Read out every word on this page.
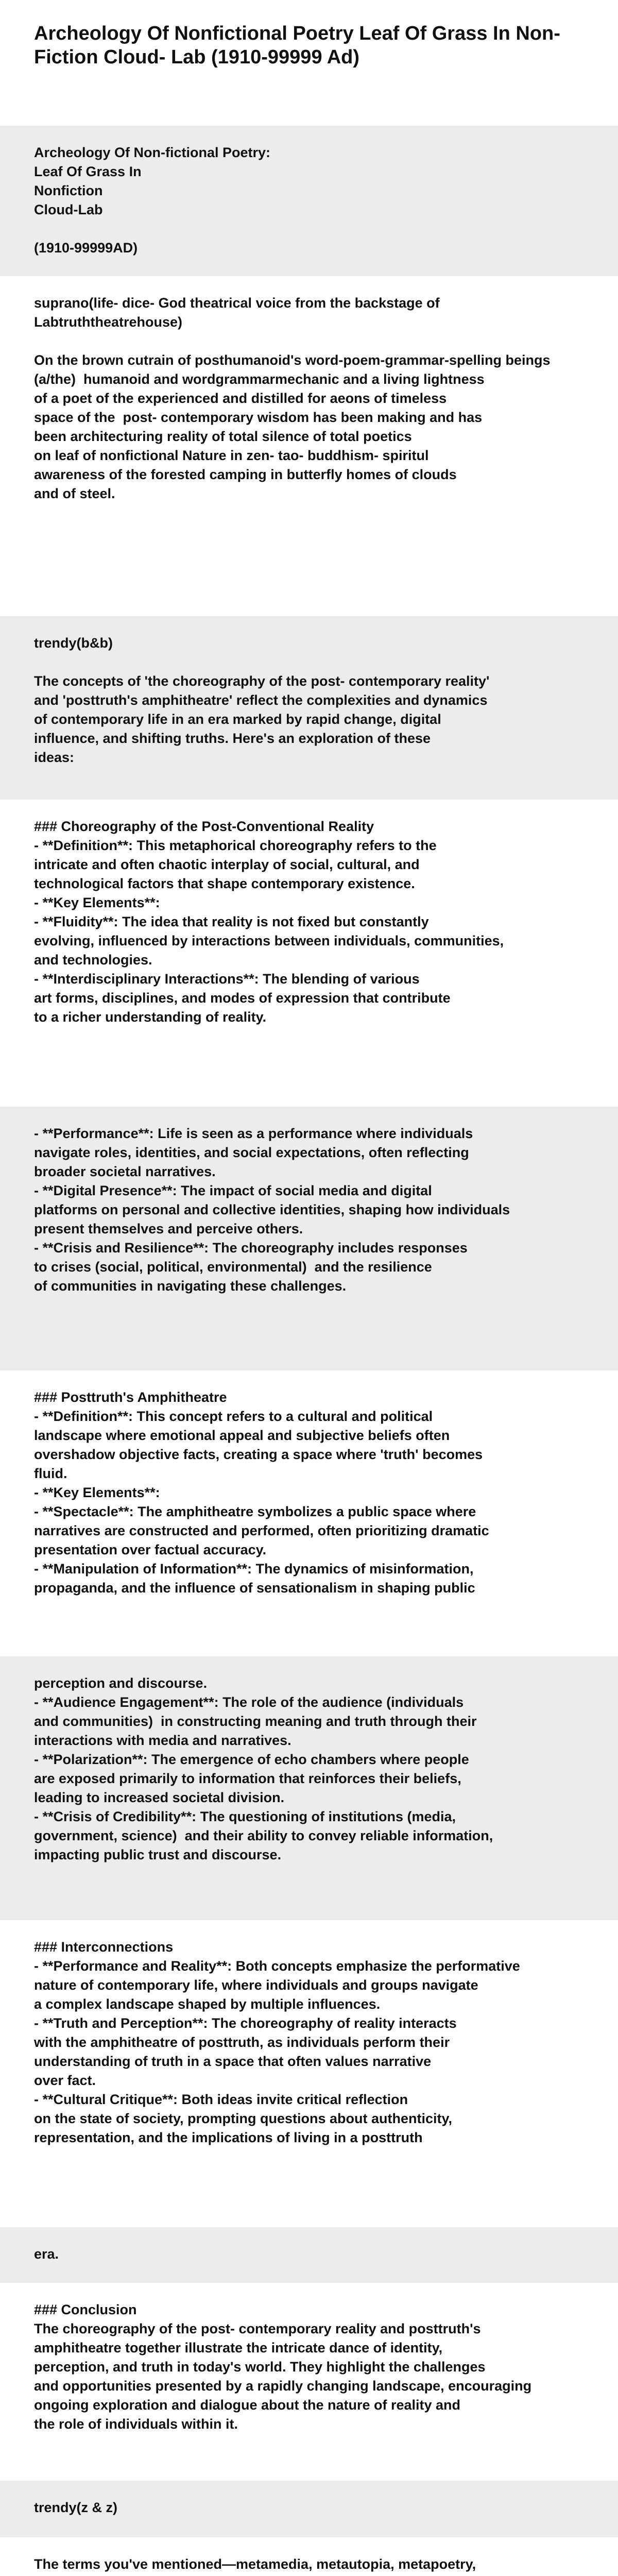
Archeology Of Nonfictional Poetry Leaf Of Grass In Non- Fiction Cloud- Lab (1910-99999 Ad)

Archeology Of Non-fictional Poetry:

Leaf Of Grass In

Nonfiction

Cloud-Lab

(1910-99999AD)

suprano(life- dice- God theatrical voice from the backstage of

Labtruththeatrehouse)

On the brown cutrain of posthumanoid's word-poem-grammar-spelling beings

(a/the)  humanoid and wordgrammarmechanic and a living lightness

of a poet of the experienced and distilled for aeons of timeless

space of the  post- contemporary wisdom has been making and has

been architecturing reality of total silence of total poetics

on leaf of nonfictional Nature in zen- tao- buddhism- spiritul

awareness of the forested camping in butterfly homes of clouds

and of steel.

trendy(b&b)

The concepts of 'the choreography of the post- contemporary reality'

and 'posttruth's amphitheatre' reflect the complexities and dynamics

of contemporary life in an era marked by rapid change, digital

influence, and shifting truths. Here's an exploration of these

ideas:

### Choreography of the Post-Conventional Reality

- **Definition**: This metaphorical choreography refers to the

intricate and often chaotic interplay of social, cultural, and

technological factors that shape contemporary existence.

- **Key Elements**:

- **Fluidity**: The idea that reality is not fixed but constantly

evolving, influenced by interactions between individuals, communities,

and technologies.

- **Interdisciplinary Interactions**: The blending of various

art forms, disciplines, and modes of expression that contribute

to a richer understanding of reality.

- **Performance**: Life is seen as a performance where individuals

navigate roles, identities, and social expectations, often reflecting

broader societal narratives.

- **Digital Presence**: The impact of social media and digital

platforms on personal and collective identities, shaping how individuals

present themselves and perceive others.

- **Crisis and Resilience**: The choreography includes responses

to crises (social, political, environmental)  and the resilience

of communities in navigating these challenges.

### Posttruth's Amphitheatre

- **Definition**: This concept refers to a cultural and political

landscape where emotional appeal and subjective beliefs often

overshadow objective facts, creating a space where 'truth' becomes

fluid.

- **Key Elements**:

- **Spectacle**: The amphitheatre symbolizes a public space where

narratives are constructed and performed, often prioritizing dramatic

presentation over factual accuracy.

- **Manipulation of Information**: The dynamics of misinformation,

propaganda, and the influence of sensationalism in shaping public

perception and discourse.

- **Audience Engagement**: The role of the audience (individuals

and communities)  in constructing meaning and truth through their

interactions with media and narratives.

- **Polarization**: The emergence of echo chambers where people

are exposed primarily to information that reinforces their beliefs,

leading to increased societal division.

- **Crisis of Credibility**: The questioning of institutions (media,

government, science)  and their ability to convey reliable information,

impacting public trust and discourse.

### Interconnections

- **Performance and Reality**: Both concepts emphasize the performative

nature of contemporary life, where individuals and groups navigate

a complex landscape shaped by multiple influences.

- **Truth and Perception**: The choreography of reality interacts

with the amphitheatre of posttruth, as individuals perform their

understanding of truth in a space that often values narrative

over fact.

- **Cultural Critique**: Both ideas invite critical reflection

on the state of society, prompting questions about authenticity,

representation, and the implications of living in a posttruth

era.

### Conclusion

The choreography of the post- contemporary reality and posttruth's

amphitheatre together illustrate the intricate dance of identity,

perception, and truth in today's world. They highlight the challenges

and opportunities presented by a rapidly changing landscape, encouraging

ongoing exploration and dialogue about the nature of reality and

the role of individuals within it.

trendy(z & z)

The terms you've mentioned—metamedia, metautopia, metapoetry,
